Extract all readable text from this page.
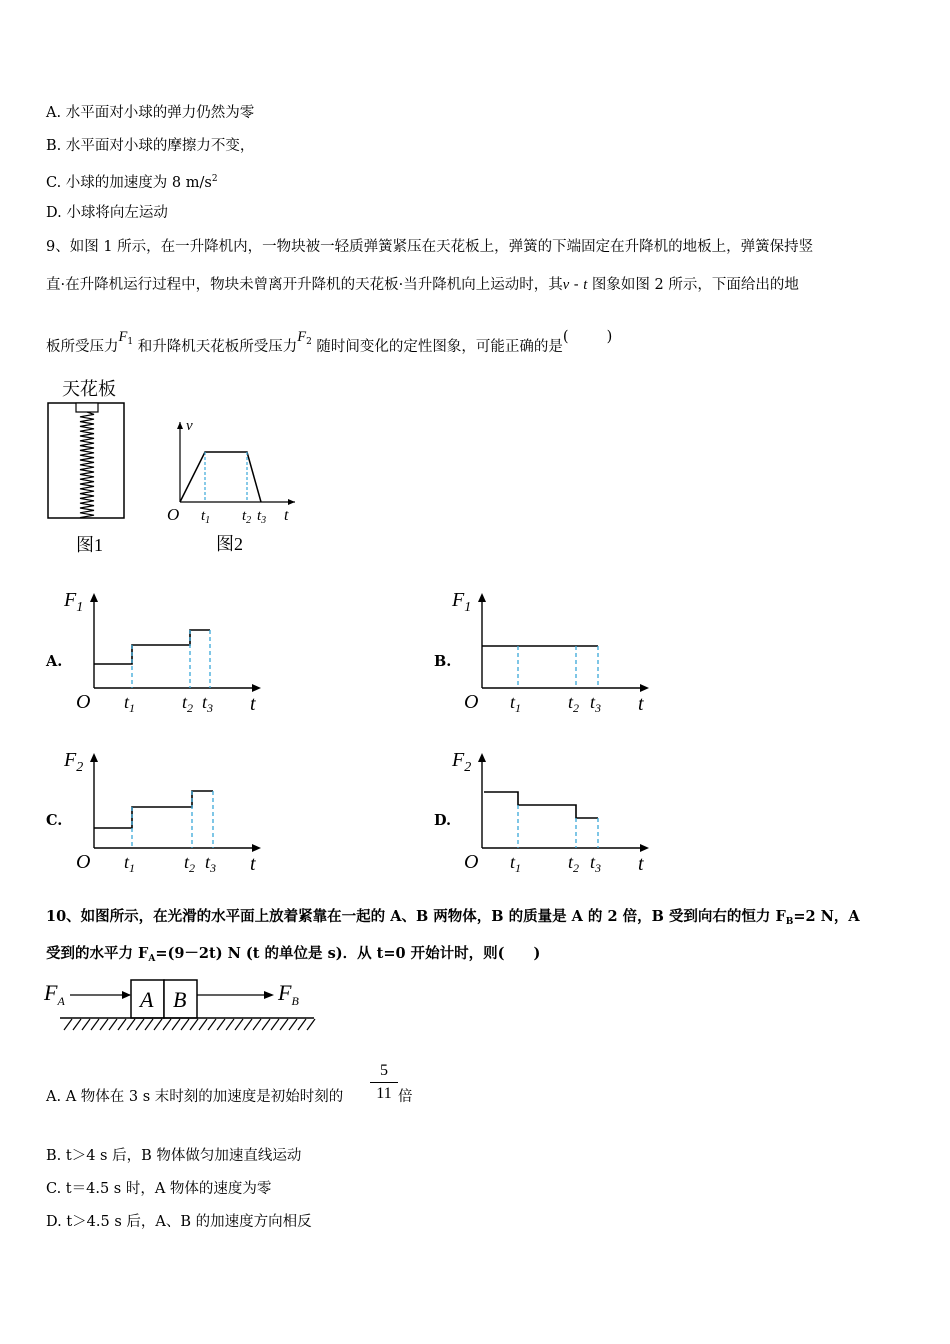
A. 水平面对小球的弹力仍然为零
B. 水平面对小球的摩擦力不变，
C. 小球的加速度为 8 $m/s^2$
D. 小球将向左运动
9、如图 1 所示，在一升降机内，一物块被一轻质弹簧紧压在天花板上，弹簧的下端固定在升降机的地板上，弹簧保持竖
直·在升降机运行过程中，物块未曾离开升降机的天花板·当升降机向上运动时，其v - t 图象如图 2 所示，下面给出的地
板所受压力$F_1$ 和升降机天花板所受压力$F_2$ 随时间变化的定性图象，可能正确的是(	)
天花板
图1
v
O $t_1$ $t_2$ $t_3$ t
图2
A.	B.
C.	D.
O $t_1$	$t_2$ $t_3$ t
$F_1$
O $t_1$	$t_2$ $t_3$ t
$F_1$
O $t_1$	$t_2$ $t_3$ t
$F_2$
O $t_1$	$t_2$ $t_3$ t
$F_2$
10、如图所示，在光滑的水平面上放着紧靠在一起的 A、B 两物体，B 的质量是 A 的 2 倍，B 受到向右的恒力 $F_B=2$ N，A
受到的水平力 $F_A=(9-2t)$ N (t 的单位是 s)．从 t=0 开始计时，则(　　)
$F_A$	A B	$F_B$
A. A 物体在 3 s 末时刻的加速度是初始时刻的
5
11 倍
B. t＞4 s 后，B 物体做匀加速直线运动
C. t＝4.5 s 时，A 物体的速度为零
D. t＞4.5 s 后，A、B 的加速度方向相反
